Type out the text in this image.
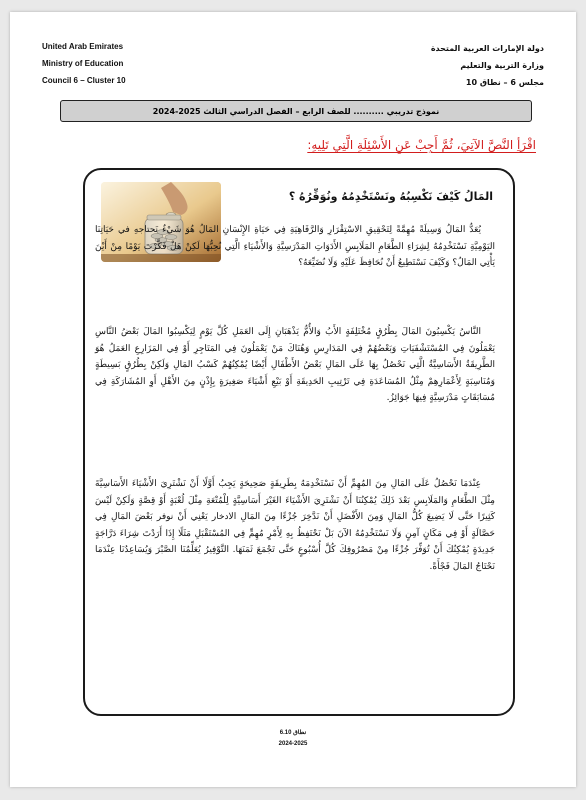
United Arab Emirates
Ministry of Education
Council 6 – Cluster 10
دولة الإمارات العربية المتحدة
وزارة التربية والتعليم
مجلس 6 – نطاق 10
نموذج تدريبي .......... للصف الرابع – الفصل الدراسي الثالث 2025-2024
اقْرَأِ النَّصَّ الآتِيَ، ثُمَّ أَجِبْ عَنِ الأَسْئِلَةِ الَّتِي تَلِيهِ:
المَالُ كَيْفَ نَكْسِبُهُ ونَسْتَخْدِمُهُ ونُوَفِّرُهُ ؟
يُعَدُّ المَالُ وَسِيلَةً مُهِمَّةً لِتَحْقِيقِ الاسْتِقْرَارِ وَالرَّفَاهِيَةِ فِي حَيَاةِ الإِنْسَانِ المَالُ هُوَ شَيْءٌ نَحتاجهِ في حَيَاتِنَا اليَوْمِيَّةِ نَسْتَخْدِمُهُ لِشِرَاءِ الطَّعَامِ المَلَابِسِ الأَدَوَاتِ المَدْرَسِيَّةِ وَالأَشْيَاءِ الَّتِي نُحِبُّهَا لَكِنْ هَلْ فَكَّرْتَ يَوْمًا مِنْ أَيْنَ يَأْتِي المَالُ؟ وَكَيْفَ نَسْتَطِيعُ أَنْ نُحَافِظَ عَلَيْهِ وَلَا نُضَيِّعَهُ؟
النَّاسُ يَكْسِبُونَ المَالَ بِطُرُقٍ مُخْتَلِفَةٍ الأَبُ وَالأُمُّ يَذْهَبَانِ إِلَى العَمَلِ كُلَّ يَوْمٍ لِيَكْسِبُوا المَالَ بَعْضُ النَّاسِ يَعْمَلُونَ فِي المُسْتَشْفَيَاتِ وَبَعْضُهُمْ فِي المَدَارِسِ وَهُنَاكَ مَنْ يَعْمَلُونَ فِي المَتَاجِرِ أَوْ فِي المَزَارِعِ العَمَلُ هُوَ الطَّرِيقَةُ الأَسَاسِيَّةُ الَّتِي نَحْصُلُ بِهَا عَلَى المَالِ بَعْضُ الأَطْفَالِ أَيْضًا يُمْكِنُهُمْ كَسْبُ المَالِ وَلَكِنْ بِطُرُقٍ بَسِيطَةٍ وَمُنَاسِبَةٍ لِأَعْمَارِهِمْ مِثْلُ المُسَاعَدَةِ فِي تَرْتِيبِ الحَدِيقَةِ أَوْ بَيْعِ أَشْيَاءَ صَغِيرَةٍ بِإِذْنٍ مِنَ الأَهْلِ أَوِ المُشَارَكَةِ فِي مُسَابَقَاتٍ مَدْرَسِيَّةٍ فِيهَا جَوَائِزُ.
عِنْدَمَا نَحْصُلُ عَلَى المَالِ مِنَ المُهِمِّ أَنْ نَسْتَخْدِمَهُ بِطَرِيقَةٍ صَحِيحَةٍ يَجِبُ أَوَّلًا أَنْ نَشْتَرِيَ الأَشْيَاءَ الأَسَاسِيَّةَ مِثْلَ الطَّعَامِ وَالمَلَابِسِ بَعْدَ ذَلِكَ يُمْكِنُنَا أَنْ نَشْتَرِيَ الأَشْيَاءَ الغَيْرَ أَسَاسِيَّةٍ لِلْمُتْعَةِ مِثْلَ لُعْبَةٍ أَوْ قِصَّةٍ وَلَكِنْ لَيْسَ كَثِيرًا حَتَّى لَا يَضِيعَ كُلُّ المَالِ وَمِنَ الأَفْضَلِ أَنْ نَدَّخِرَ جُزْءًا مِنَ المَالِ الادخار يَعْنِي أَنْ نوفر بَعْضَ المَالِ فِي حَصَّالَةٍ أَوْ فِي مَكَانٍ آمِنٍ وَلَا نَسْتَخْدِمُهُ الآنَ بَلْ نَحْتَفِظُ بِهِ لِأَمْرٍ مُهِمٍّ فِي المُسْتَقْبَلِ مَثَلًا إِذَا أَرَدْتَ شِرَاءَ دَرَّاجَةٍ جَدِيدَةٍ يُمْكِنُكَ أَنْ تُوَفِّرَ جُزْءًا مِنْ مَصْرُوفِكَ كُلَّ أُسْبُوعٍ حَتَّى تَجْمَعَ ثَمَنَهَا. التَّوْفِيرُ يُعَلِّمُنَا الصَّبْرَ وَيُسَاعِدُنَا عِنْدَمَا نَحْتَاجُ المَالَ فَجْأَةً.
نطاق 6.10
2024-2025
